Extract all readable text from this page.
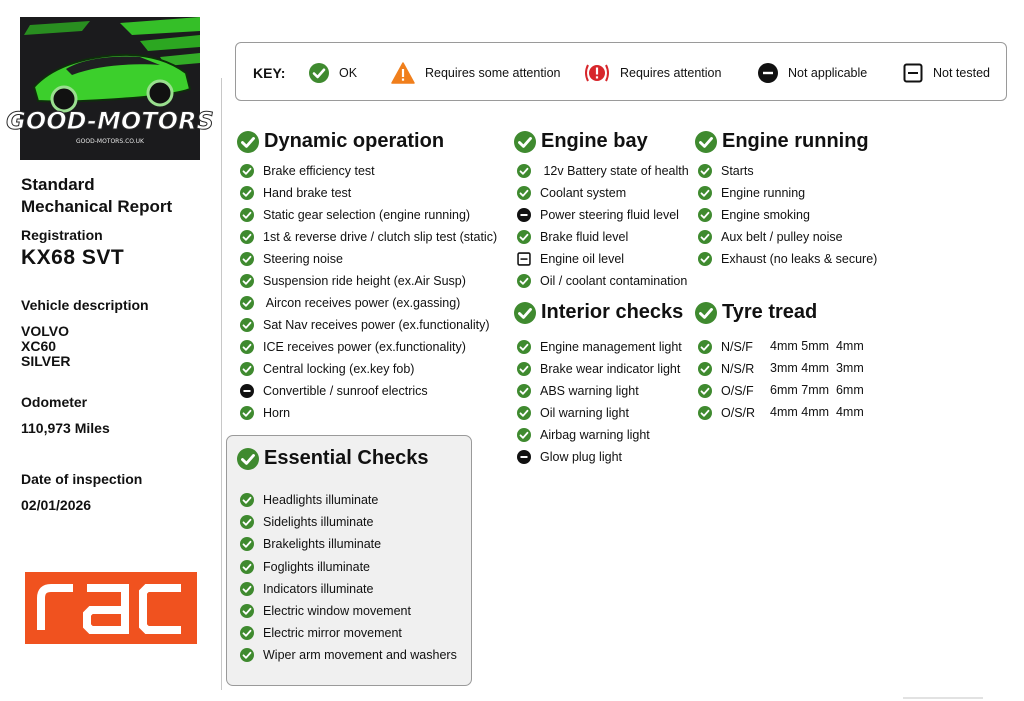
GOOD-MOTORS
GOOD-MOTORS.CO.UK
Standard
Mechanical Report
Registration
KX68 SVT
Vehicle description
VOLVO
XC60
SILVER
Odometer
110,973 Miles
Date of inspection
02/01/2026
KEY:	OK	Requires some attention	Requires attention	Not applicable	Not tested
Dynamic operation
Brake efficiency test
Hand brake test
Static gear selection (engine running)
1st & reverse drive / clutch slip test (static)
Steering noise
Suspension ride height (ex.Air Susp)
Aircon receives power (ex.gassing)
Sat Nav receives power (ex.functionality)
ICE receives power (ex.functionality)
Central locking (ex.key fob)
Convertible / sunroof electrics
Horn
Essential Checks
Headlights illuminate
Sidelights illuminate
Brakelights illuminate
Foglights illuminate
Indicators illuminate
Electric window movement
Electric mirror movement
Wiper arm movement and washers
Engine bay
12v Battery state of health
Coolant system
Power steering fluid level
Brake fluid level
Engine oil level
Oil / coolant contamination
Interior checks
Engine management light
Brake wear indicator light
ABS warning light
Oil warning light
Airbag warning light
Glow plug light
Engine running
Starts
Engine running
Engine smoking
Aux belt / pulley noise
Exhaust (no leaks & secure)
Tyre tread
N/S/F 4mm 5mm  4mm
N/S/R 3mm 4mm  3mm
O/S/F 6mm 7mm  6mm
O/S/R 4mm 4mm  4mm
